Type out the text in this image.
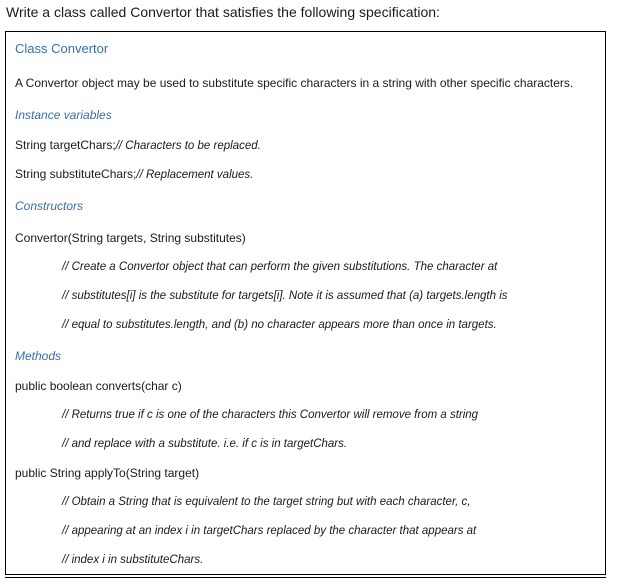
Write a class called Convertor that satisfies the following specification:
Class Convertor
A Convertor object may be used to substitute specific characters in a string with other specific characters.
Instance variables
String targetChars;// Characters to be replaced.
String substituteChars;// Replacement values.
Constructors
Convertor(String targets, String substitutes)
// Create a Convertor object that can perform the given substitutions. The character at
// substitutes[i] is the substitute for targets[i]. Note it is assumed that (a) targets.length is
// equal to substitutes.length, and (b) no character appears more than once in targets.
Methods
public boolean converts(char c)
// Returns true if c is one of the characters this Convertor will remove from a string
// and replace with a substitute. i.e. if c is in targetChars.
public String applyTo(String target)
// Obtain a String that is equivalent to the target string but with each character, c,
// appearing at an index i in targetChars replaced by the character that appears at
// index i in substituteChars.
